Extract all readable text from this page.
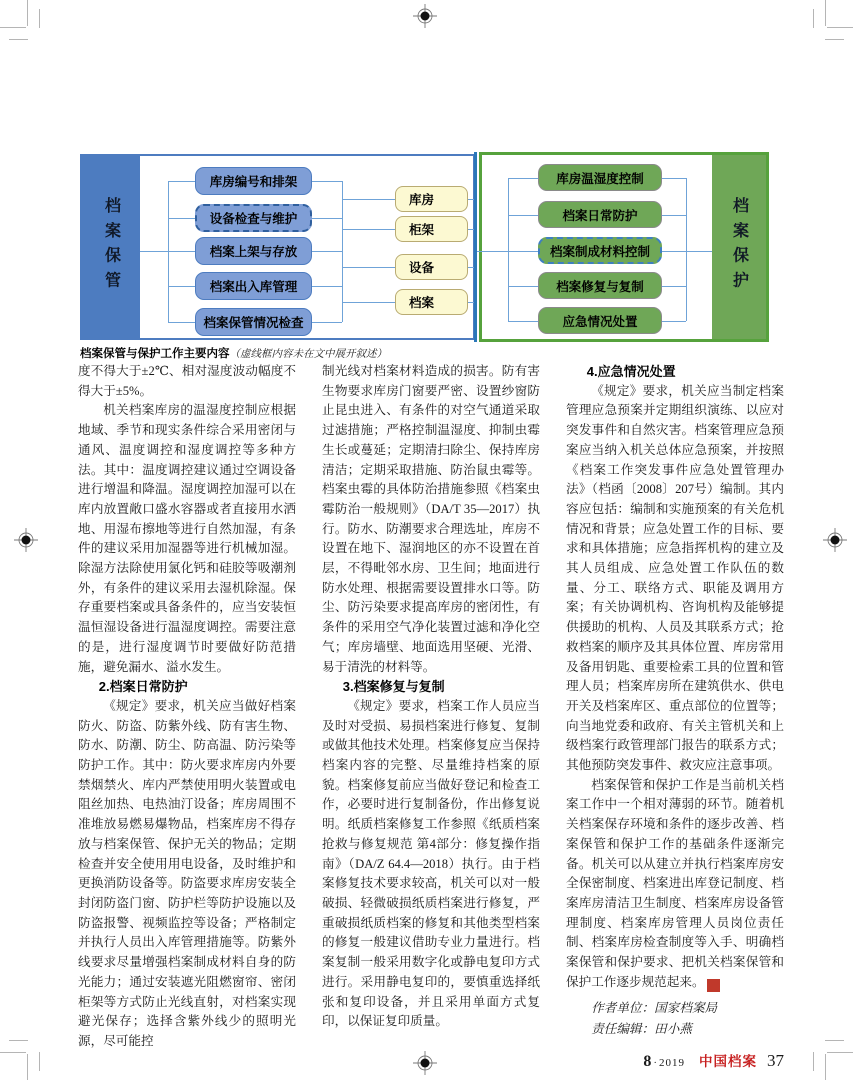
档案保管
库房编号和排架
设备检查与维护
档案上架与存放
档案出入库管理
档案保管情况检查
库房
柜架
设备
档案
库房温湿度控制
档案日常防护
档案制成材料控制
档案修复与复制
应急情况处置
档案保护
档案保管与保护工作主要内容（虚线框内容未在文中展开叙述）

度不得大于±2℃、相对湿度波动幅度不得大于±5%。

机关档案库房的温湿度控制应根据地域、季节和现实条件综合采用密闭与通风、温度调控和湿度调控等多种方法。其中：温度调控建议通过空调设备进行增温和降温。湿度调控加湿可以在库内放置敞口盛水容器或者直接用水洒地、用湿布擦地等进行自然加湿，有条件的建议采用加湿器等进行机械加湿。除湿方法除使用氯化钙和硅胶等吸潮剂外，有条件的建议采用去湿机除湿。保存重要档案或具备条件的，应当安装恒温恒湿设备进行温湿度调控。需要注意的是，进行湿度调节时要做好防范措施，避免漏水、溢水发生。

2.档案日常防护

《规定》要求，机关应当做好档案防火、防盗、防紫外线、防有害生物、防水、防潮、防尘、防高温、防污染等防护工作。其中：防火要求库房内外要禁烟禁火、库内严禁使用明火装置或电阻丝加热、电热油汀设备；库房周围不准堆放易燃易爆物品，档案库房不得存放与档案保管、保护无关的物品；定期检查并安全使用用电设备，及时维护和更换消防设备等。防盗要求库房安装全封闭防盗门窗、防护栏等防护设施以及防盗报警、视频监控等设备；严格制定并执行人员出入库管理措施等。防紫外线要求尽量增强档案制成材料自身的防光能力；通过安装遮光阻燃窗帘、密闭柜架等方式防止光线直射，对档案实现避光保存；选择含紫外线少的照明光源，尽可能控

制光线对档案材料造成的损害。防有害生物要求库房门窗要严密、设置纱窗防止昆虫进入、有条件的对空气通道采取过滤措施；严格控制温湿度、抑制虫霉生长或蔓延；定期清扫除尘、保持库房清洁；定期采取措施、防治鼠虫霉等。档案虫霉的具体防治措施参照《档案虫霉防治一般规则》（DA/T 35—2017）执行。防水、防潮要求合理选址，库房不设置在地下、湿润地区的亦不设置在首层，不得毗邻水房、卫生间；地面进行防水处理、根据需要设置排水口等。防尘、防污染要求提高库房的密闭性，有条件的采用空气净化装置过滤和净化空气；库房墙壁、地面选用坚硬、光滑、易于清洗的材料等。

3.档案修复与复制

《规定》要求，档案工作人员应当及时对受损、易损档案进行修复、复制或做其他技术处理。档案修复应当保持档案内容的完整、尽量维持档案的原貌。档案修复前应当做好登记和检查工作，必要时进行复制备份，作出修复说明。纸质档案修复工作参照《纸质档案抢救与修复规范 第4部分：修复操作指南》（DA/Z 64.4—2018）执行。由于档案修复技术要求较高，机关可以对一般破损、轻微破损纸质档案进行修复，严重破损纸质档案的修复和其他类型档案的修复一般建议借助专业力量进行。档案复制一般采用数字化或静电复印方式进行。采用静电复印的，要慎重选择纸张和复印设备，并且采用单面方式复印，以保证复印质量。

4.应急情况处置

《规定》要求，机关应当制定档案管理应急预案并定期组织演练、以应对突发事件和自然灾害。档案管理应急预案应当纳入机关总体应急预案，并按照《档案工作突发事件应急处置管理办法》（档函〔2008〕207号）编制。其内容应包括：编制和实施预案的有关危机情况和背景；应急处置工作的目标、要求和具体措施；应急指挥机构的建立及其人员组成、应急处置工作队伍的数量、分工、联络方式、职能及调用方案；有关协调机构、咨询机构及能够提供援助的机构、人员及其联系方式；抢救档案的顺序及其具体位置、库房常用及备用钥匙、重要检索工具的位置和管理人员；档案库房所在建筑供水、供电开关及档案库区、重点部位的位置等；向当地党委和政府、有关主管机关和上级档案行政管理部门报告的联系方式；其他预防突发事件、救灾应注意事项。

档案保管和保护工作是当前机关档案工作中一个相对薄弱的环节。随着机关档案保存环境和条件的逐步改善、档案保管和保护工作的基础条件逐渐完备。机关可以从建立并执行档案库房安全保密制度、档案进出库登记制度、档案库房清洁卫生制度、档案库房设备管理制度、档案库房管理人员岗位责任制、档案库房检查制度等入手、明确档案保管和保护要求、把机关档案保管和保护工作逐步规范起来。	档

作者单位：国家档案局
责任编辑：田小燕
8 · 2019 中国档案 37
